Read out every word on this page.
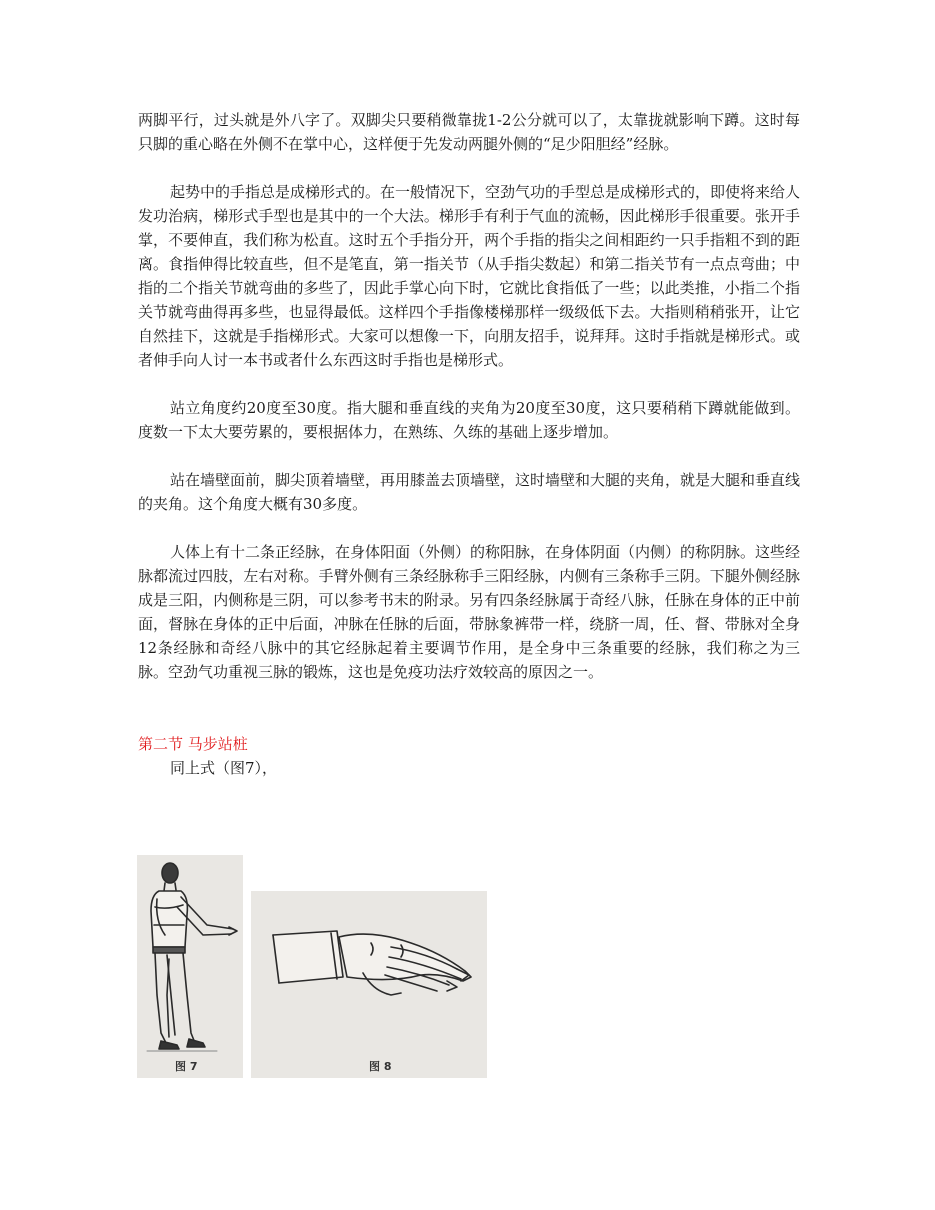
两脚平行，过头就是外八字了。双脚尖只要稍微靠拢1-2公分就可以了，太靠拢就影响下蹲。这时每只脚的重心略在外侧不在掌中心，这样便于先发动两腿外侧的“足少阳胆经”经脉。

起势中的手指总是成梯形式的。在一般情况下，空劲气功的手型总是成梯形式的，即使将来给人发功治病，梯形式手型也是其中的一个大法。梯形手有利于气血的流畅，因此梯形手很重要。张开手掌，不要伸直，我们称为松直。这时五个手指分开，两个手指的指尖之间相距约一只手指粗不到的距离。食指伸得比较直些，但不是笔直，第一指关节（从手指尖数起）和第二指关节有一点点弯曲；中指的二个指关节就弯曲的多些了，因此手掌心向下时，它就比食指低了一些；以此类推，小指二个指关节就弯曲得再多些，也显得最低。这样四个手指像楼梯那样一级级低下去。大指则稍稍张开，让它自然挂下，这就是手指梯形式。大家可以想像一下，向朋友招手，说拜拜。这时手指就是梯形式。或者伸手向人讨一本书或者什么东西这时手指也是梯形式。

站立角度约20度至30度。指大腿和垂直线的夹角为20度至30度，这只要稍稍下蹲就能做到。度数一下太大要劳累的，要根据体力，在熟练、久练的基础上逐步增加。

站在墙壁面前，脚尖顶着墙壁，再用膝盖去顶墙壁，这时墙壁和大腿的夹角，就是大腿和垂直线的夹角。这个角度大概有30多度。

人体上有十二条正经脉，在身体阳面（外侧）的称阳脉，在身体阴面（内侧）的称阴脉。这些经脉都流过四肢，左右对称。手臂外侧有三条经脉称手三阳经脉，内侧有三条称手三阴。下腿外侧经脉成是三阳，内侧称是三阴，可以参考书末的附录。另有四条经脉属于奇经八脉，任脉在身体的正中前面，督脉在身体的正中后面，冲脉在任脉的后面，带脉象裤带一样，绕脐一周，任、督、带脉对全身12条经脉和奇经八脉中的其它经脉起着主要调节作用，是全身中三条重要的经脉，我们称之为三脉。空劲气功重视三脉的锻炼，这也是免疫功法疗效较高的原因之一。

第二节 马步站桩

同上式（图7），

图 7	图 8
